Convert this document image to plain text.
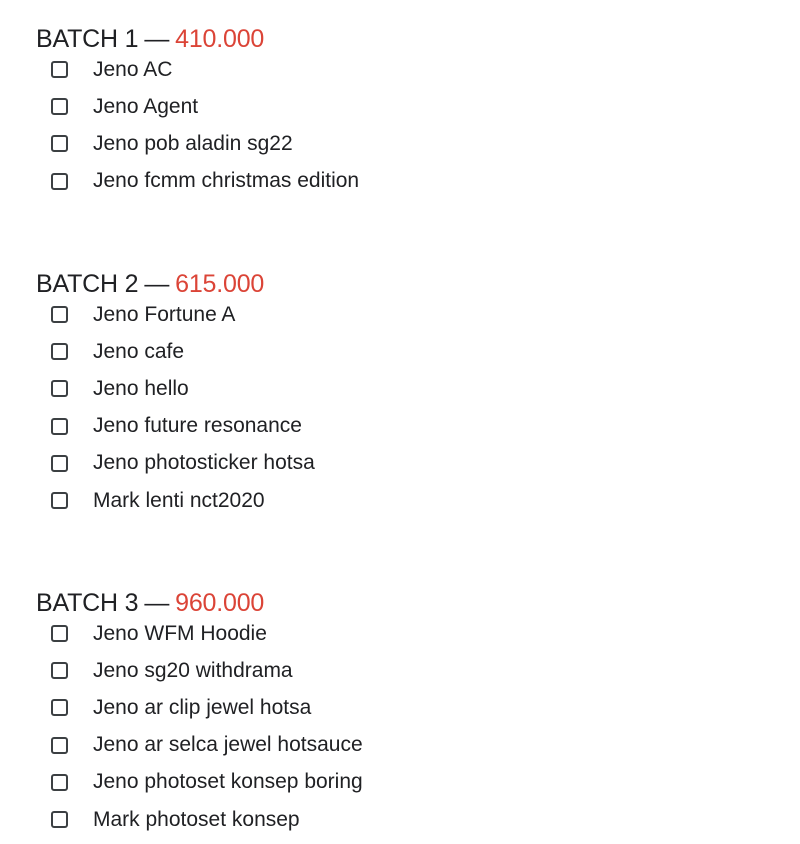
BATCH 1 — 410.000
Jeno AC
Jeno Agent
Jeno pob aladin sg22
Jeno fcmm christmas edition
BATCH 2 — 615.000
Jeno Fortune A
Jeno cafe
Jeno hello
Jeno future resonance
Jeno photosticker hotsa
Mark lenti nct2020
BATCH 3 — 960.000
Jeno WFM Hoodie
Jeno sg20 withdrama
Jeno ar clip jewel hotsa
Jeno ar selca jewel hotsauce
Jeno photoset konsep boring
Mark photoset konsep
